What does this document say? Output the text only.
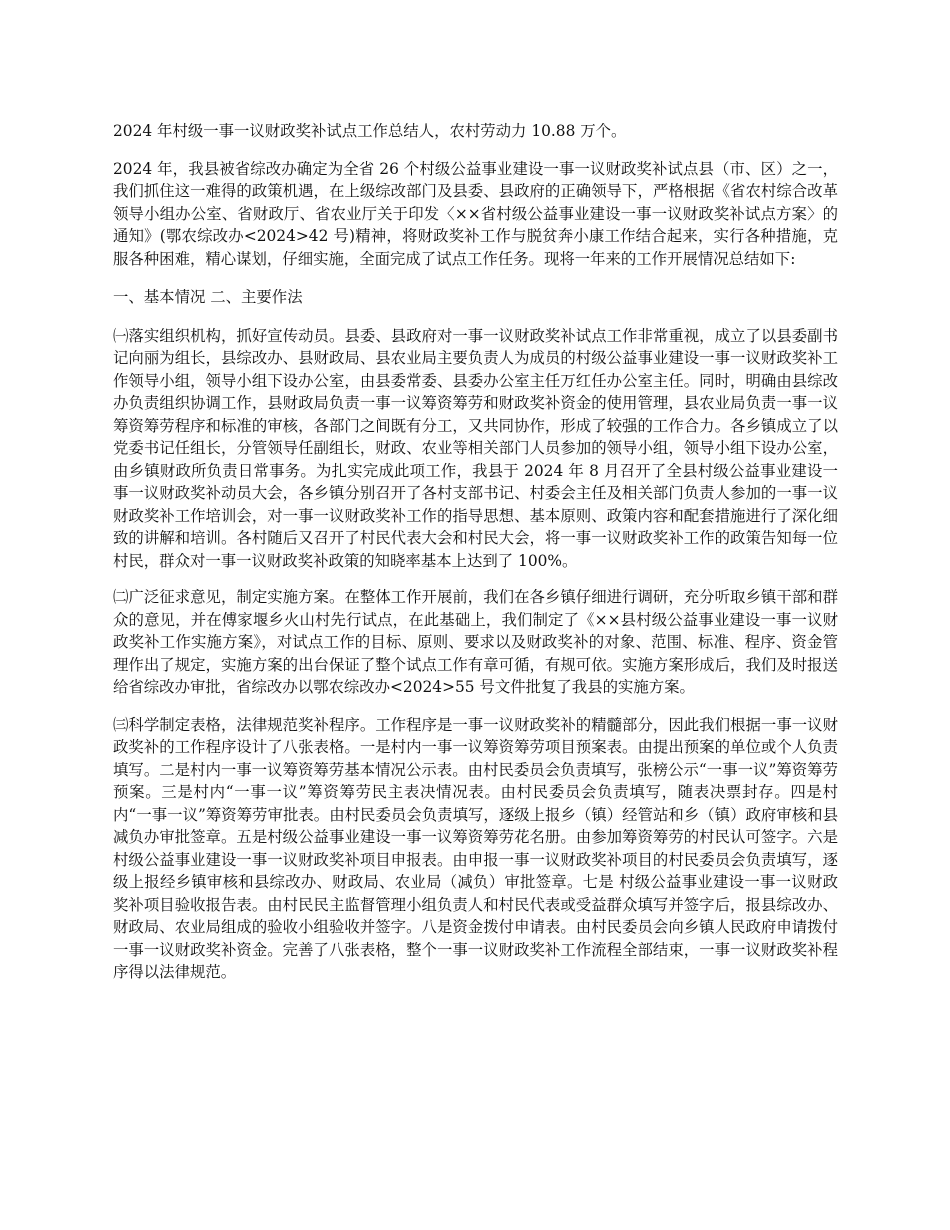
2024 年村级一事一议财政奖补试点工作总结人，农村劳动力 10.88 万个。

2024 年，我县被省综改办确定为全省 26 个村级公益事业建设一事一议财政奖补试点县（市、区）之一，我们抓住这一难得的政策机遇，在上级综改部门及县委、县政府的正确领导下，严格根据《省农村综合改革领导小组办公室、省财政厅、省农业厅关于印发〈××省村级公益事业建设一事一议财政奖补试点方案〉的通知》(鄂农综改办<2024>42 号)精神，将财政奖补工作与脱贫奔小康工作结合起来，实行各种措施，克服各种困难，精心谋划，仔细实施，全面完成了试点工作任务。现将一年来的工作开展情况总结如下:

一、基本情况 二、主要作法

㈠落实组织机构，抓好宣传动员。县委、县政府对一事一议财政奖补试点工作非常重视，成立了以县委副书记向丽为组长，县综改办、县财政局、县农业局主要负责人为成员的村级公益事业建设一事一议财政奖补工作领导小组，领导小组下设办公室，由县委常委、县委办公室主任万红任办公室主任。同时，明确由县综改办负责组织协调工作，县财政局负责一事一议筹资筹劳和财政奖补资金的使用管理，县农业局负责一事一议筹资筹劳程序和标准的审核，各部门之间既有分工，又共同协作，形成了较强的工作合力。各乡镇成立了以党委书记任组长，分管领导任副组长，财政、农业等相关部门人员参加的领导小组，领导小组下设办公室，由乡镇财政所负责日常事务。为扎实完成此项工作，我县于 2024 年 8 月召开了全县村级公益事业建设一事一议财政奖补动员大会，各乡镇分别召开了各村支部书记、村委会主任及相关部门负责人参加的一事一议财政奖补工作培训会，对一事一议财政奖补工作的指导思想、基本原则、政策内容和配套措施进行了深化细致的讲解和培训。各村随后又召开了村民代表大会和村民大会，将一事一议财政奖补工作的政策告知每一位村民，群众对一事一议财政奖补政策的知晓率基本上达到了 100%。

㈡广泛征求意见，制定实施方案。在整体工作开展前，我们在各乡镇仔细进行调研，充分听取乡镇干部和群众的意见，并在傅家堰乡火山村先行试点，在此基础上，我们制定了《××县村级公益事业建设一事一议财政奖补工作实施方案》，对试点工作的目标、原则、要求以及财政奖补的对象、范围、标准、程序、资金管理作出了规定，实施方案的出台保证了整个试点工作有章可循，有规可依。实施方案形成后，我们及时报送给省综改办审批，省综改办以鄂农综改办<2024>55 号文件批复了我县的实施方案。

㈢科学制定表格，法律规范奖补程序。工作程序是一事一议财政奖补的精髓部分，因此我们根据一事一议财政奖补的工作程序设计了八张表格。一是村内一事一议筹资筹劳项目预案表。由提出预案的单位或个人负责填写。二是村内一事一议筹资筹劳基本情况公示表。由村民委员会负责填写，张榜公示“一事一议”筹资筹劳预案。三是村内“一事一议”筹资筹劳民主表决情况表。由村民委员会负责填写，随表决票封存。四是村内“一事一议”筹资筹劳审批表。由村民委员会负责填写，逐级上报乡（镇）经管站和乡（镇）政府审核和县减负办审批签章。五是村级公益事业建设一事一议筹资筹劳花名册。由参加筹资筹劳的村民认可签字。六是村级公益事业建设一事一议财政奖补项目申报表。由申报一事一议财政奖补项目的村民委员会负责填写，逐级上报经乡镇审核和县综改办、财政局、农业局（减负）审批签章。七是 村级公益事业建设一事一议财政奖补项目验收报告表。由村民民主监督管理小组负责人和村民代表或受益群众填写并签字后，报县综改办、财政局、农业局组成的验收小组验收并签字。八是资金拨付申请表。由村民委员会向乡镇人民政府申请拨付一事一议财政奖补资金。完善了八张表格，整个一事一议财政奖补工作流程全部结束，一事一议财政奖补程序得以法律规范。
